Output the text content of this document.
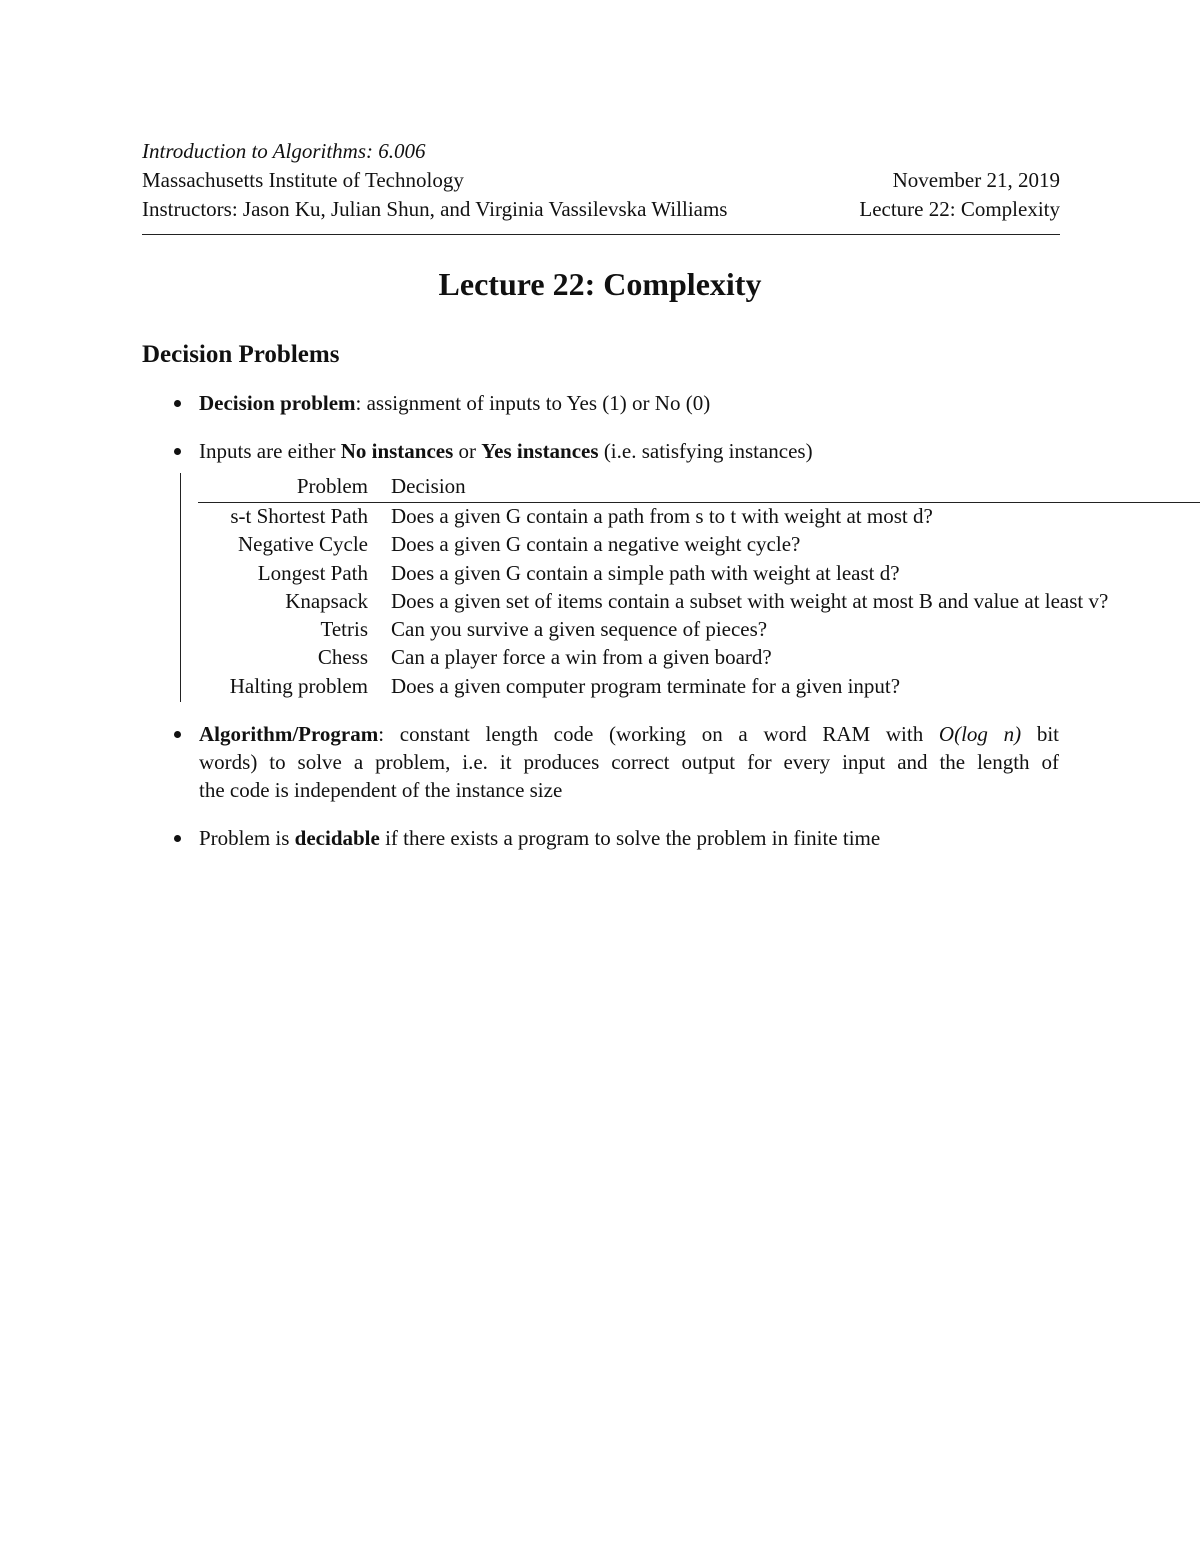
Introduction to Algorithms: 6.006
Massachusetts Institute of Technology	November 21, 2019
Instructors: Jason Ku, Julian Shun, and Virginia Vassilevska Williams	Lecture 22: Complexity
Lecture 22: Complexity
Decision Problems
Decision problem: assignment of inputs to Yes (1) or No (0)
Inputs are either No instances or Yes instances (i.e. satisfying instances)
Problem Decision
s-t Shortest Path Does a given G contain a path from s to t with weight at most d?
Negative Cycle Does a given G contain a negative weight cycle?
Longest Path Does a given G contain a simple path with weight at least d?
Knapsack Does a given set of items contain a subset with weight at most B and value at least v?
Tetris Can you survive a given sequence of pieces?
Chess Can a player force a win from a given board?
Halting problem Does a given computer program terminate for a given input?
Algorithm/Program: constant length code (working on a word RAM with O(log n) bit
words) to solve a problem, i.e. it produces correct output for every input and the length of
the code is independent of the instance size
Problem is decidable if there exists a program to solve the problem in finite time
